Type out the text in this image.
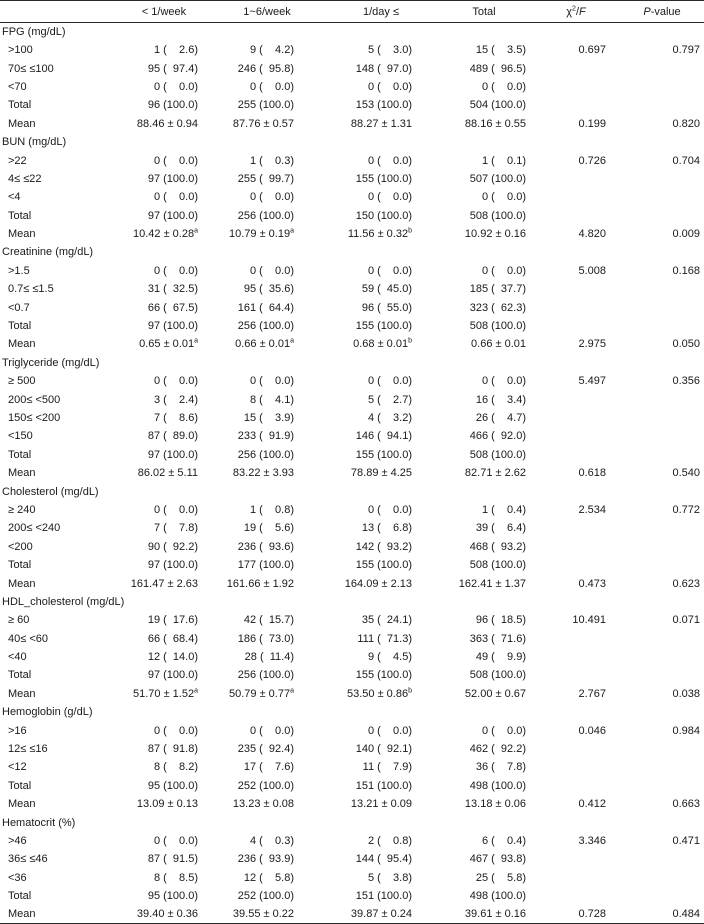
	< 1/week	1~6/week	1/day ≤	Total	$\chi^2/F$	P-value
FPG (mg/dL)						
>100	1 (    2.6)	9 (    4.2)	5 (    3.0)	15 (    3.5)	0.697	0.797
70≤ ≤100	95 (  97.4)	246 (  95.8)	148 (  97.0)	489 (  96.5)		
<70	0 (    0.0)	0 (    0.0)	0 (    0.0)	0 (    0.0)		
Total	96 (100.0)	255 (100.0)	153 (100.0)	504 (100.0)		
Mean	88.46 ± 0.94	87.76 ± 0.57	88.27 ± 1.31	88.16 ± 0.55	0.199	0.820
BUN (mg/dL)						
>22	0 (    0.0)	1 (    0.3)	0 (    0.0)	1 (    0.1)	0.726	0.704
4≤ ≤22	97 (100.0)	255 (  99.7)	155 (100.0)	507 (100.0)		
<4	0 (    0.0)	0 (    0.0)	0 (    0.0)	0 (    0.0)		
Total	97 (100.0)	256 (100.0)	150 (100.0)	508 (100.0)		
Mean	10.42 ± 0.28$^a$	10.79 ± 0.19$^a$	11.56 ± 0.32$^b$	10.92 ± 0.16	4.820	0.009
Creatinine (mg/dL)						
>1.5	0 (    0.0)	0 (    0.0)	0 (    0.0)	0 (    0.0)	5.008	0.168
0.7≤ ≤1.5	31 (  32.5)	95 (  35.6)	59 (  45.0)	185 (  37.7)		
<0.7	66 (  67.5)	161 (  64.4)	96 (  55.0)	323 (  62.3)		
Total	97 (100.0)	256 (100.0)	155 (100.0)	508 (100.0)		
Mean	0.65 ± 0.01$^a$	0.66 ± 0.01$^a$	0.68 ± 0.01$^b$	0.66 ± 0.01	2.975	0.050
Triglyceride (mg/dL)						
≥ 500	0 (    0.0)	0 (    0.0)	0 (    0.0)	0 (    0.0)	5.497	0.356
200≤ <500	3 (    2.4)	8 (    4.1)	5 (    2.7)	16 (    3.4)		
150≤ <200	7 (    8.6)	15 (    3.9)	4 (    3.2)	26 (    4.7)		
<150	87 (  89.0)	233 (  91.9)	146 (  94.1)	466 (  92.0)		
Total	97 (100.0)	256 (100.0)	155 (100.0)	508 (100.0)		
Mean	86.02 ± 5.11	83.22 ± 3.93	78.89 ± 4.25	82.71 ± 2.62	0.618	0.540
Cholesterol (mg/dL)						
≥ 240	0 (    0.0)	1 (    0.8)	0 (    0.0)	1 (    0.4)	2.534	0.772
200≤ <240	7 (    7.8)	19 (    5.6)	13 (    6.8)	39 (    6.4)		
<200	90 (  92.2)	236 (  93.6)	142 (  93.2)	468 (  93.2)		
Total	97 (100.0)	177 (100.0)	155 (100.0)	508 (100.0)		
Mean	161.47 ± 2.63	161.66 ± 1.92	164.09 ± 2.13	162.41 ± 1.37	0.473	0.623
HDL_cholesterol (mg/dL)						
≥ 60	19 (  17.6)	42 (  15.7)	35 (  24.1)	96 (  18.5)	10.491	0.071
40≤ <60	66 (  68.4)	186 (  73.0)	111 (  71.3)	363 (  71.6)		
<40	12 (  14.0)	28 (  11.4)	9 (    4.5)	49 (    9.9)		
Total	97 (100.0)	256 (100.0)	155 (100.0)	508 (100.0)		
Mean	51.70 ± 1.52$^a$	50.79 ± 0.77$^a$	53.50 ± 0.86$^b$	52.00 ± 0.67	2.767	0.038
Hemoglobin (g/dL)						
>16	0 (    0.0)	0 (    0.0)	0 (    0.0)	0 (    0.0)	0.046	0.984
12≤ ≤16	87 (  91.8)	235 (  92.4)	140 (  92.1)	462 (  92.2)		
<12	8 (    8.2)	17 (    7.6)	11 (    7.9)	36 (    7.8)		
Total	95 (100.0)	252 (100.0)	151 (100.0)	498 (100.0)		
Mean	13.09 ± 0.13	13.23 ± 0.08	13.21 ± 0.09	13.18 ± 0.06	0.412	0.663
Hematocrit (%)						
>46	0 (    0.0)	4 (    0.3)	2 (    0.8)	6 (    0.4)	3.346	0.471
36≤ ≤46	87 (  91.5)	236 (  93.9)	144 (  95.4)	467 (  93.8)		
<36	8 (    8.5)	12 (    5.8)	5 (    3.8)	25 (    5.8)		
Total	95 (100.0)	252 (100.0)	151 (100.0)	498 (100.0)		
Mean	39.40 ± 0.36	39.55 ± 0.22	39.87 ± 0.24	39.61 ± 0.16	0.728	0.484
